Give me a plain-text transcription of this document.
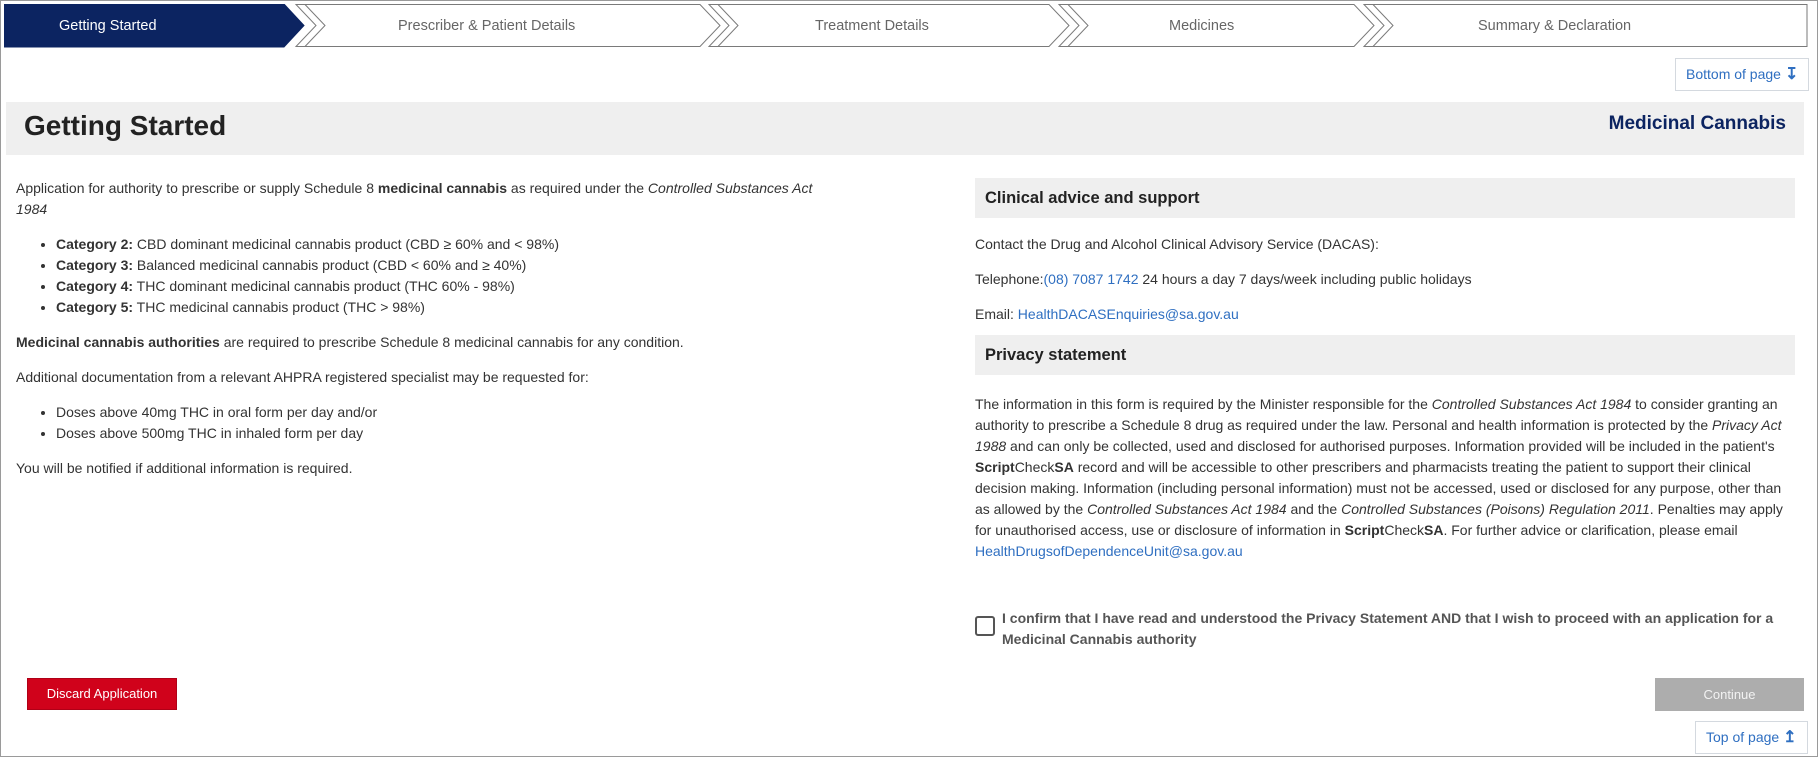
Getting Started	Prescriber & Patient Details	Treatment Details	Medicines	Summary & Declaration
Bottom of page ↧
Getting Started	Medicinal Cannabis

Application for authority to prescribe or supply Schedule 8 medicinal cannabis as required under the Controlled Substances Act 1984

• Category 2: CBD dominant medicinal cannabis product (CBD ≥ 60% and < 98%)
• Category 3: Balanced medicinal cannabis product (CBD < 60% and ≥ 40%)
• Category 4: THC dominant medicinal cannabis product (THC 60% - 98%)
• Category 5: THC medicinal cannabis product (THC > 98%)

Medicinal cannabis authorities are required to prescribe Schedule 8 medicinal cannabis for any condition.

Additional documentation from a relevant AHPRA registered specialist may be requested for:

• Doses above 40mg THC in oral form per day and/or
• Doses above 500mg THC in inhaled form per day

You will be notified if additional information is required.

Clinical advice and support
Contact the Drug and Alcohol Clinical Advisory Service (DACAS):
Telephone:(08) 7087 1742 24 hours a day 7 days/week including public holidays
Email: HealthDACASEnquiries@sa.gov.au
Privacy statement
The information in this form is required by the Minister responsible for the Controlled Substances Act 1984 to consider granting an authority to prescribe a Schedule 8 drug as required under the law. Personal and health information is protected by the Privacy Act 1988 and can only be collected, used and disclosed for authorised purposes. Information provided will be included in the patient's ScriptCheckSA record and will be accessible to other prescribers and pharmacists treating the patient to support their clinical decision making. Information (including personal information) must not be accessed, used or disclosed for any purpose, other than as allowed by the Controlled Substances Act 1984 and the Controlled Substances (Poisons) Regulation 2011. Penalties may apply for unauthorised access, use or disclosure of information in ScriptCheckSA. For further advice or clarification, please email
HealthDrugsofDependenceUnit@sa.gov.au
I confirm that I have read and understood the Privacy Statement AND that I wish to proceed with an application for a Medicinal Cannabis authority
Discard Application	Continue
Top of page ↥
